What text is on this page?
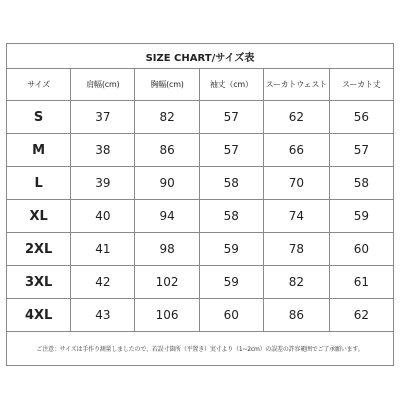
SIZE CHART/サイズ表					
サイズ	肩幅(cm)	胸幅(cm)	袖丈（cm）	スーカトウェスト	スーカト丈
S	37	82	57	62	56
M	38	86	57	66	57
L	39	90	58	70	58
XL	40	94	58	74	59
2XL	41	98	59	78	60
3XL	42	102	59	82	61
4XL	43	106	60	86	62
ご注意：サイズは手作り測量しましたので、若誤寸箇所（平置き）実寸より（1~2cm）の誤差の許容範囲でご了承願います。					
